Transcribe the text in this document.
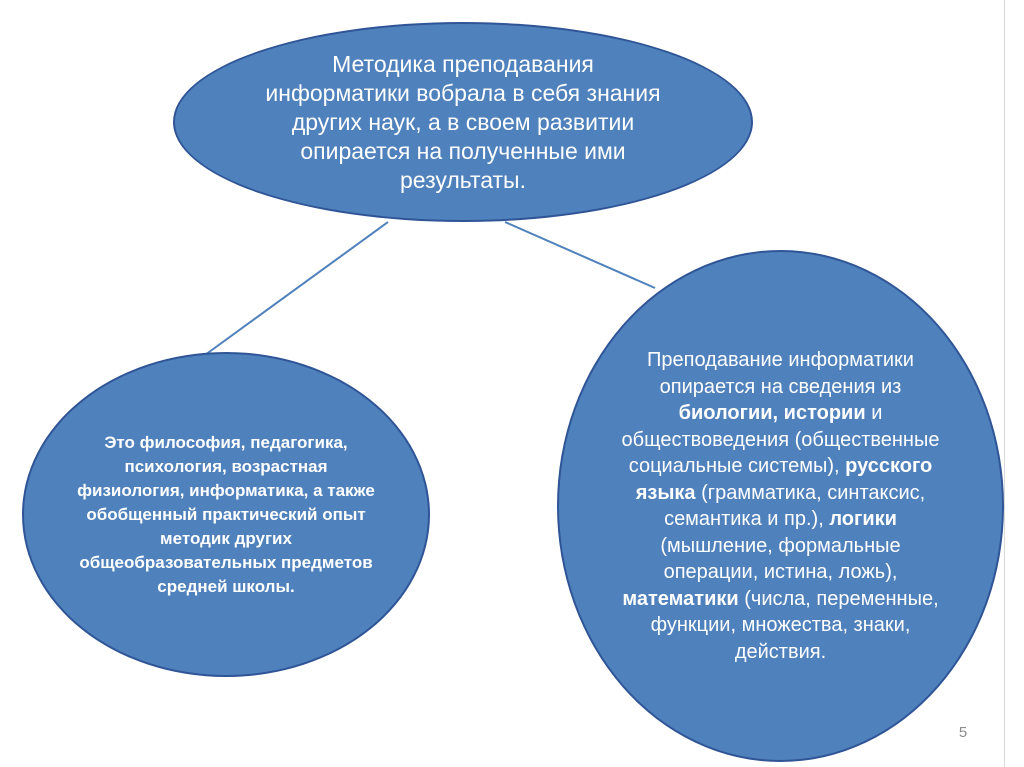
Методика преподавания информатики вобрала в себя знания других наук, а в своем развитии опирается на полученные ими результаты.
Это философия, педагогика, психология, возрастная физиология, информатика, а также обобщенный практический опыт методик других общеобразовательных предметов средней школы.
Преподавание информатики опирается на сведения из биологии, истории и обществоведения (общественные социальные системы), русского языка (грамматика, синтаксис, семантика и пр.), логики (мышление, формальные операции, истина, ложь), математики (числа, переменные, функции, множества, знаки, действия.
5
